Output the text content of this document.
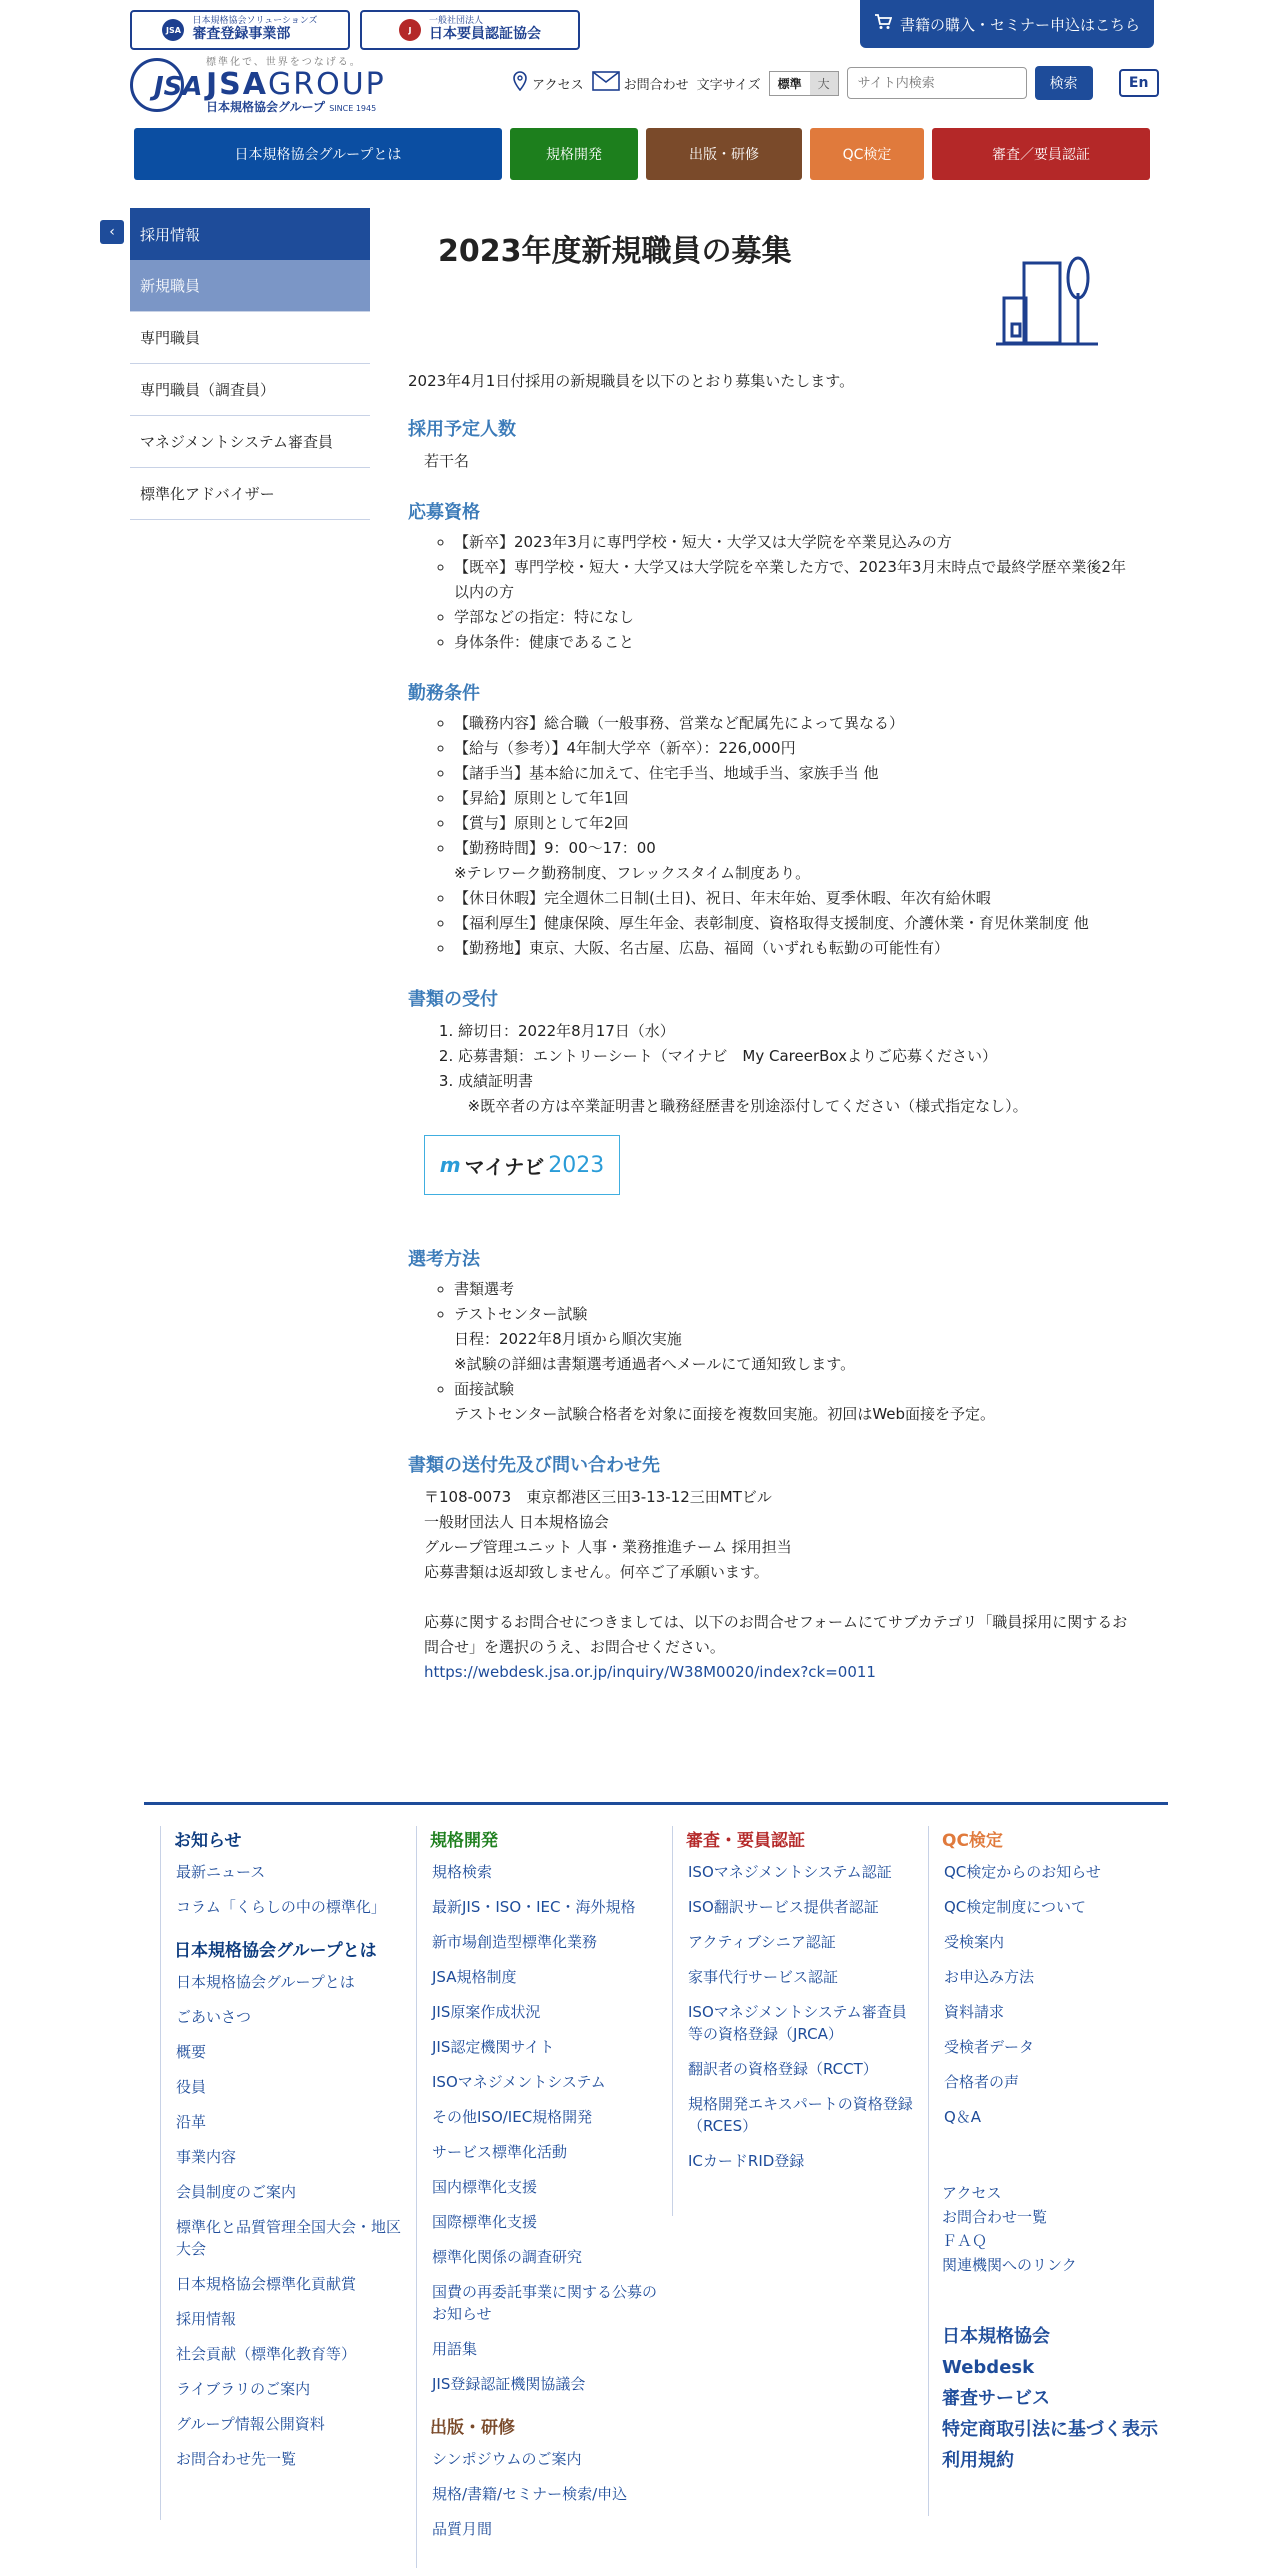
JSA
日本規格協会ソリューションズ
審査登録事業部	J
一般社団法人
日本要員認証協会
書籍の購入・セミナー申込はこちら
JSA
標準化で、世界をつなげる。
JSAGROUP
日本規格協会グループ SINCE 1945
アクセス	お問合わせ 文字サイズ	標準	大
サイト内検索	検索	En
日本規格協会グループとは	規格開発	出版・研修	QC検定	審査／要員認証
‹	採用情報
新規職員
専門職員
専門職員（調査員）
マネジメントシステム審査員
標準化アドバイザー
2023年度新規職員の募集

2023年4月1日付採用の新規職員を以下のとおり募集いたします。

採用予定人数

若干名

応募資格
◦ 【新卒】2023年3月に専門学校・短大・大学又は大学院を卒業見込みの方
◦ 【既卒】専門学校・短大・大学又は大学院を卒業した方で、2023年3月末時点で最終学歴卒業後2年以内の方
◦ 学部などの指定：特になし
◦ 身体条件：健康であること
勤務条件
◦ 【職務内容】総合職（一般事務、営業など配属先によって異なる）
◦ 【給与（参考）】4年制大学卒（新卒）：226,000円
◦ 【諸手当】基本給に加えて、住宅手当、地域手当、家族手当 他
◦ 【昇給】原則として年1回
◦ 【賞与】原則として年2回
◦ 【勤務時間】9：00～17：00
※テレワーク勤務制度、フレックスタイム制度あり。
◦ 【休日休暇】完全週休二日制(土日)、祝日、年末年始、夏季休暇、年次有給休暇
◦ 【福利厚生】健康保険、厚生年金、表彰制度、資格取得支援制度、介護休業・育児休業制度 他
◦ 【勤務地】東京、大阪、名古屋、広島、福岡（いずれも転勤の可能性有）
書類の受付
1. 締切日：2022年8月17日（水）
2. 応募書類：エントリーシート（マイナビ　My CareerBoxよりご応募ください）
3. 成績証明書
※既卒者の方は卒業証明書と職務経歴書を別途添付してください（様式指定なし）。
m マイナビ 2023
選考方法
◦ 書類選考
◦ テストセンター試験
日程：2022年8月頃から順次実施
※試験の詳細は書類選考通過者へメールにて通知致します。
◦ 面接試験
テストセンター試験合格者を対象に面接を複数回実施。初回はWeb面接を予定。
書類の送付先及び問い合わせ先
〒108-0073　東京都港区三田3-13-12三田MTビル
一般財団法人 日本規格協会
グループ管理ユニット 人事・業務推進チーム 採用担当
応募書類は返却致しません。何卒ご了承願います。
応募に関するお問合せにつきましては、以下のお問合せフォームにてサブカテゴリ「職員採用に関するお問合せ」を選択のうえ、お問合せください。
https://webdesk.jsa.or.jp/inquiry/W38M0020/index?ck=0011
お知らせ
最新ニュース
コラム「くらしの中の標準化」
日本規格協会グループとは
日本規格協会グループとは
ごあいさつ
概要
役員
沿革
事業内容
会員制度のご案内
標準化と品質管理全国大会・地区大会
日本規格協会標準化貢献賞
採用情報
社会貢献（標準化教育等）
ライブラリのご案内
グループ情報公開資料
お問合わせ先一覧
規格開発
規格検索
最新JIS・ISO・IEC・海外規格
新市場創造型標準化業務
JSA規格制度
JIS原案作成状況
JIS認定機関サイト
ISOマネジメントシステム
その他ISO/IEC規格開発
サービス標準化活動
国内標準化支援
国際標準化支援
標準化関係の調査研究
国費の再委託事業に関する公募のお知らせ
用語集
JIS登録認証機関協議会
出版・研修
シンポジウムのご案内
規格/書籍/セミナー検索/申込
品質月間
審査・要員認証
ISOマネジメントシステム認証
ISO翻訳サービス提供者認証
アクティブシニア認証
家事代行サービス認証
ISOマネジメントシステム審査員等の資格登録（JRCA）
翻訳者の資格登録（RCCT）
規格開発エキスパートの資格登録（RCES）
ICカードRID登録
QC検定
QC検定からのお知らせ
QC検定制度について
受検案内
お申込み方法
資料請求
受検者データ
合格者の声
Q＆A
アクセス
お問合わせ一覧
ＦＡＱ
関連機関へのリンク
日本規格協会
Webdesk
審査サービス
特定商取引法に基づく表示
利用規約
